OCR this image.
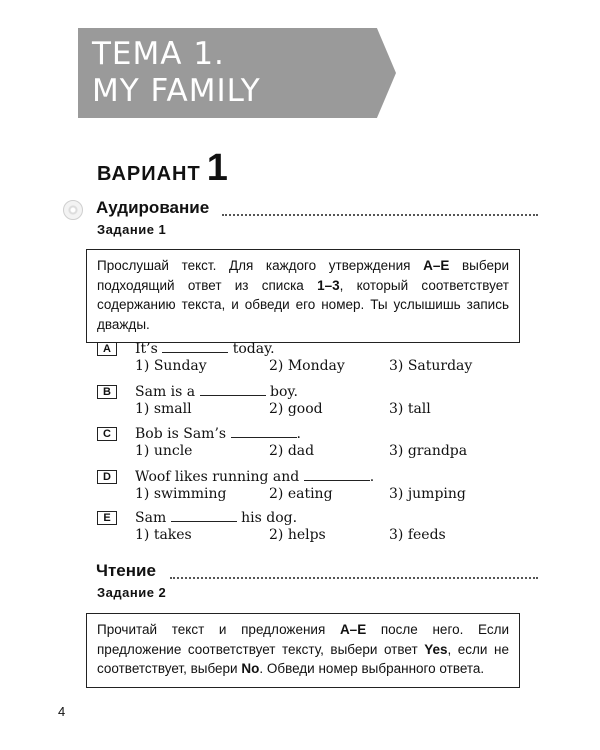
ТЕМА 1.
MY FAMILY
ВАРИАНТ 1
Аудирование
Задание 1
Прослушай текст. Для каждого утверждения A–E выбери подходящий ответ из списка 1–3, который соответствует содержанию текста, и обведи его номер. Ты услышишь запись дважды.
A	It’s	today.
1) Sunday	2) Monday	3) Saturday
B	Sam is a	boy.
1) small	2) good	3) tall
C	Bob is Sam’s	.
1) uncle	2) dad	3) grandpa
D	Woof likes running and	.
1) swimming	2) eating	3) jumping
E	Sam	his dog.
1) takes	2) helps	3) feeds
Чтение
Задание 2
Прочитай текст и предложения A–E после него. Если предложение соответствует тексту, выбери ответ Yes, если не соответствует, выбери No. Обведи номер выбранного ответа.
4
